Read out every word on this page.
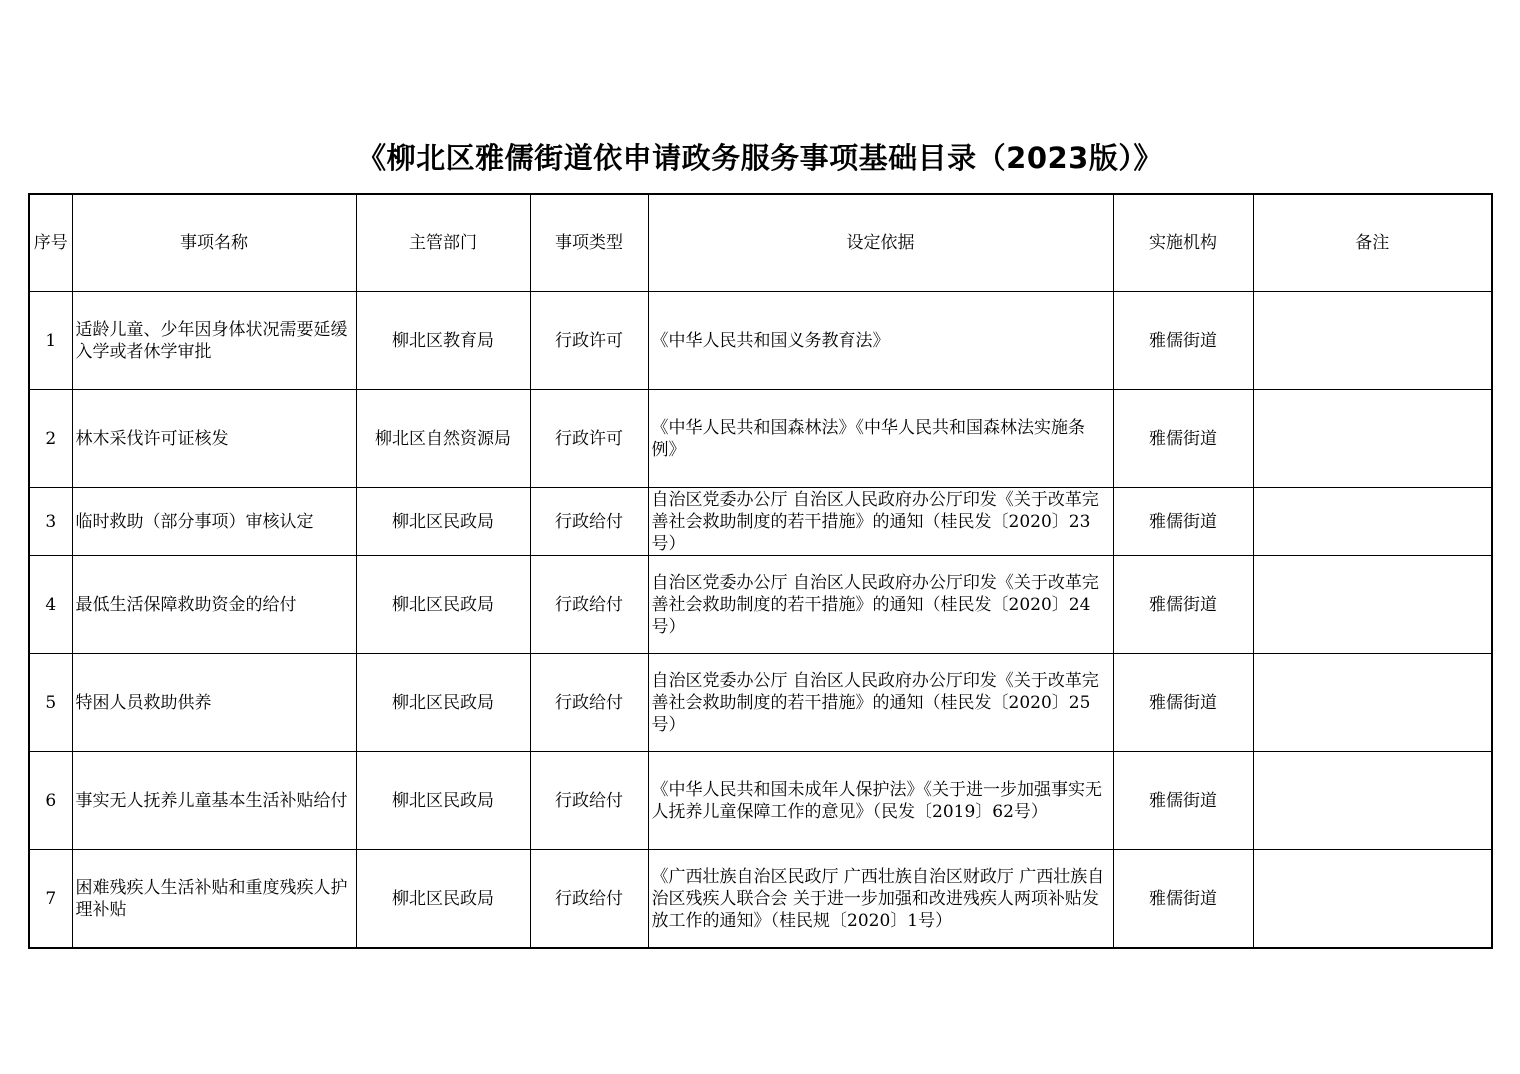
《柳北区雅儒街道依申请政务服务事项基础目录（2023版）》
序号	事项名称	主管部门	事项类型	设定依据	实施机构	备注
1	适龄儿童、少年因身体状况需要延缓入学或者休学审批	柳北区教育局	行政许可	《中华人民共和国义务教育法》	雅儒街道	
2	林木采伐许可证核发	柳北区自然资源局	行政许可	《中华人民共和国森林法》《中华人民共和国森林法实施条例》	雅儒街道	
3	临时救助（部分事项）审核认定	柳北区民政局	行政给付	自治区党委办公厅 自治区人民政府办公厅印发《关于改革完善社会救助制度的若干措施》的通知（桂民发〔2020〕23号）	雅儒街道	
4	最低生活保障救助资金的给付	柳北区民政局	行政给付	自治区党委办公厅 自治区人民政府办公厅印发《关于改革完善社会救助制度的若干措施》的通知（桂民发〔2020〕24号）	雅儒街道	
5	特困人员救助供养	柳北区民政局	行政给付	自治区党委办公厅 自治区人民政府办公厅印发《关于改革完善社会救助制度的若干措施》的通知（桂民发〔2020〕25号）	雅儒街道	
6	事实无人抚养儿童基本生活补贴给付	柳北区民政局	行政给付	《中华人民共和国未成年人保护法》《关于进一步加强事实无人抚养儿童保障工作的意见》（民发〔2019〕62号）	雅儒街道	
7	困难残疾人生活补贴和重度残疾人护理补贴	柳北区民政局	行政给付	《广西壮族自治区民政厅 广西壮族自治区财政厅 广西壮族自治区残疾人联合会 关于进一步加强和改进残疾人两项补贴发放工作的通知》（桂民规〔2020〕1号）	雅儒街道	
